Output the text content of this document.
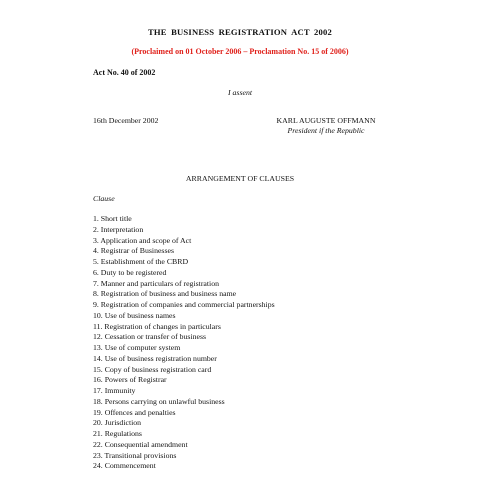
THE BUSINESS REGISTRATION ACT 2002
(Proclaimed on 01 October 2006 – Proclamation No. 15 of 2006)
Act No. 40 of 2002
I assent
16th December 2002	KARL AUGUSTE OFFMANN
President if the Republic
ARRANGEMENT OF CLAUSES
Clause
1. Short title
2. Interpretation
3. Application and scope of Act
4. Registrar of Businesses
5. Establishment of the CBRD
6. Duty to be registered
7. Manner and particulars of registration
8. Registration of business and business name
9. Registration of companies and commercial partnerships
10. Use of business names
11. Registration of changes in particulars
12. Cessation or transfer of business
13. Use of computer system
14. Use of business registration number
15. Copy of business registration card
16. Powers of Registrar
17. Immunity
18. Persons carrying on unlawful business
19. Offences and penalties
20. Jurisdiction
21. Regulations
22. Consequential amendment
23. Transitional provisions
24. Commencement
